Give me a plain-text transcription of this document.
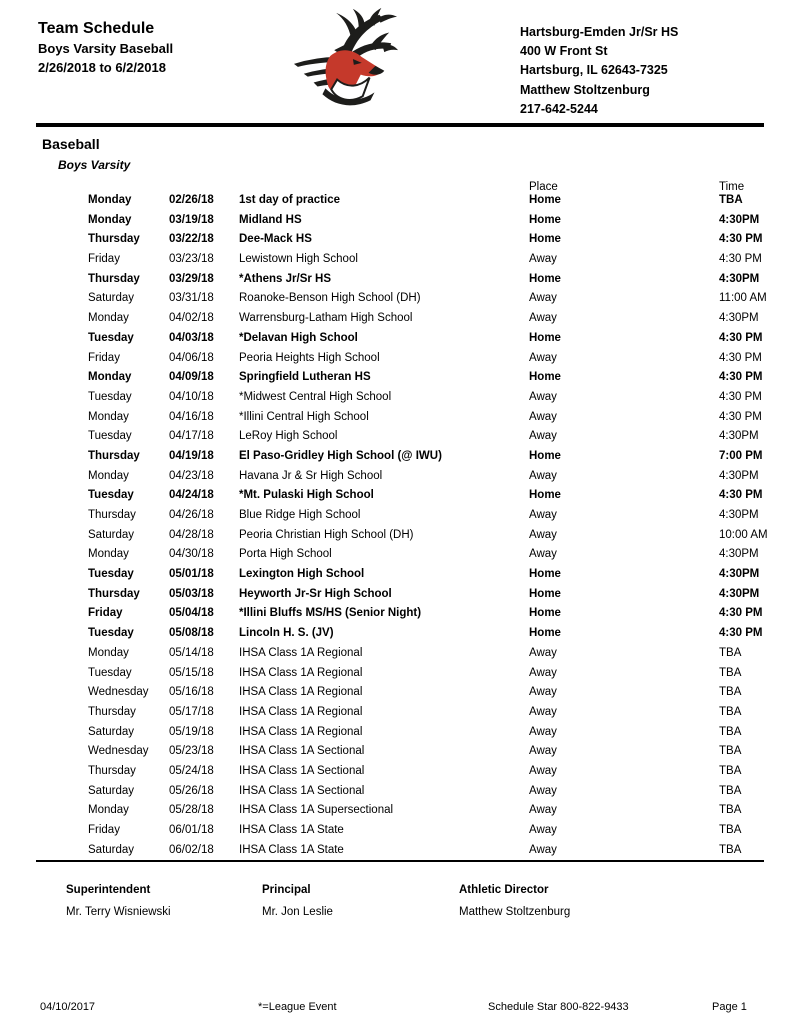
Team Schedule
Boys Varsity Baseball
2/26/2018 to 6/2/2018
Hartsburg-Emden Jr/Sr HS
400 W Front St
Hartsburg, IL 62643-7325
Matthew Stoltzenburg
217-642-5244
Baseball
Boys Varsity
Place	Time
Monday	02/26/18	1st day of practice	Home	TBA
Monday	03/19/18	Midland HS	Home	4:30PM
Thursday	03/22/18	Dee-Mack HS	Home	4:30 PM
Friday	03/23/18	Lewistown High School	Away	4:30 PM
Thursday	03/29/18	*Athens Jr/Sr HS	Home	4:30PM
Saturday	03/31/18	Roanoke-Benson High School (DH)	Away	11:00 AM
Monday	04/02/18	Warrensburg-Latham High School	Away	4:30PM
Tuesday	04/03/18	*Delavan High School	Home	4:30 PM
Friday	04/06/18	Peoria Heights High School	Away	4:30 PM
Monday	04/09/18	Springfield Lutheran HS	Home	4:30 PM
Tuesday	04/10/18	*Midwest Central High School	Away	4:30 PM
Monday	04/16/18	*Illini Central High School	Away	4:30 PM
Tuesday	04/17/18	LeRoy High School	Away	4:30PM
Thursday	04/19/18	El Paso-Gridley High School (@ IWU)	Home	7:00 PM
Monday	04/23/18	Havana Jr & Sr High School	Away	4:30PM
Tuesday	04/24/18	*Mt. Pulaski High School	Home	4:30 PM
Thursday	04/26/18	Blue Ridge High School	Away	4:30PM
Saturday	04/28/18	Peoria Christian High School (DH)	Away	10:00 AM
Monday	04/30/18	Porta High School	Away	4:30PM
Tuesday	05/01/18	Lexington High School	Home	4:30PM
Thursday	05/03/18	Heyworth Jr-Sr High School	Home	4:30PM
Friday	05/04/18	*Illini Bluffs MS/HS (Senior Night)	Home	4:30 PM
Tuesday	05/08/18	Lincoln H. S. (JV)	Home	4:30 PM
Monday	05/14/18	IHSA Class 1A Regional	Away	TBA
Tuesday	05/15/18	IHSA Class 1A Regional	Away	TBA
Wednesday	05/16/18	IHSA Class 1A Regional	Away	TBA
Thursday	05/17/18	IHSA Class 1A Regional	Away	TBA
Saturday	05/19/18	IHSA Class 1A Regional	Away	TBA
Wednesday	05/23/18	IHSA Class 1A Sectional	Away	TBA
Thursday	05/24/18	IHSA Class 1A Sectional	Away	TBA
Saturday	05/26/18	IHSA Class 1A Sectional	Away	TBA
Monday	05/28/18	IHSA Class 1A Supersectional	Away	TBA
Friday	06/01/18	IHSA Class 1A State	Away	TBA
Saturday	06/02/18	IHSA Class 1A State	Away	TBA
Superintendent
Mr. Terry Wisniewski
Principal
Mr. Jon Leslie
Athletic Director
Matthew Stoltzenburg
04/10/2017	*=League Event	Schedule Star 800-822-9433	Page 1
